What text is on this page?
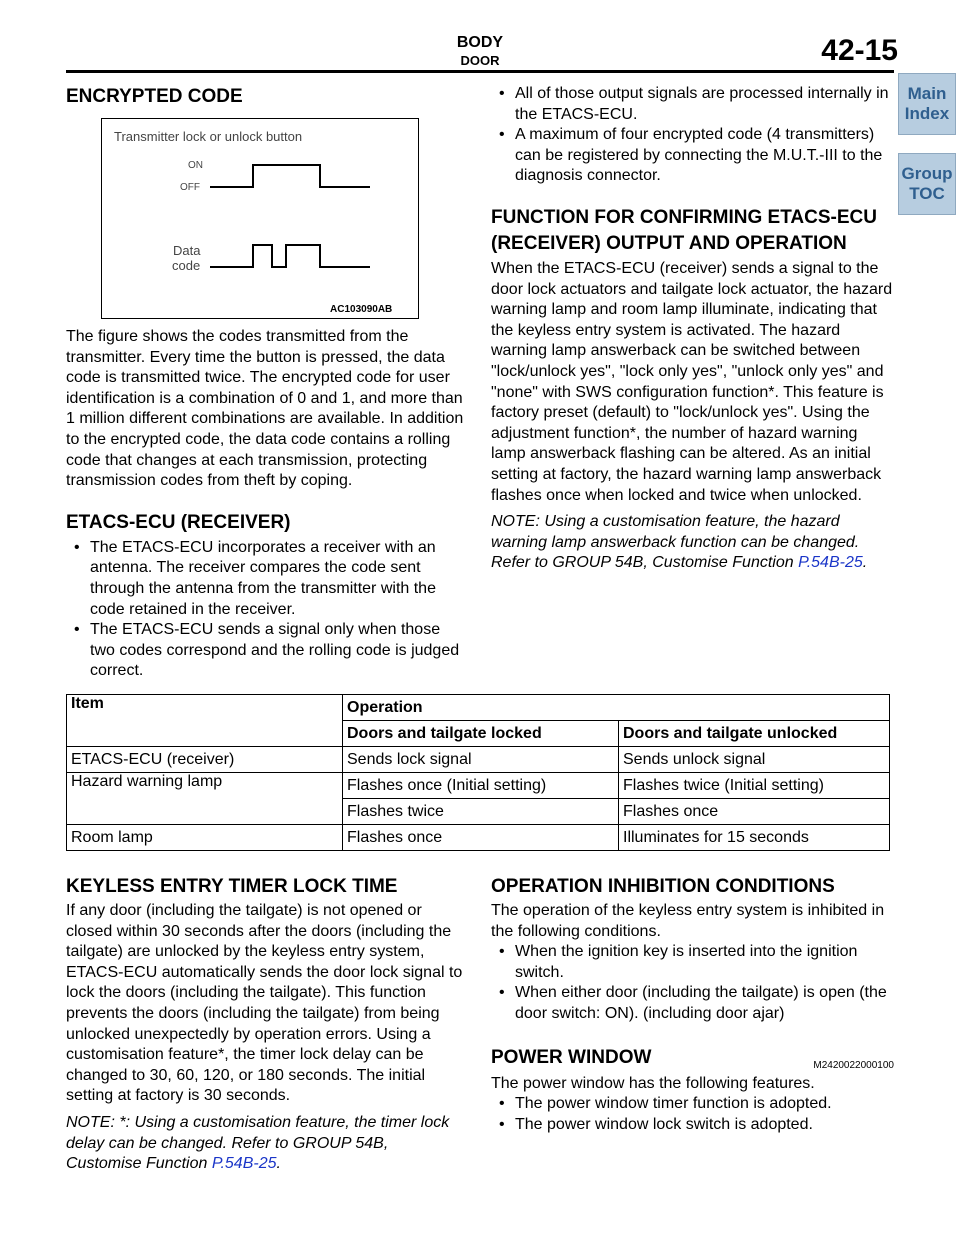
BODY
DOOR	42-15
Main
Index
Group
TOC
ENCRYPTED CODE
Transmitter lock or unlock button
ON
OFF
Data
code
AC103090AB

The figure shows the codes transmitted from the transmitter. Every time the button is pressed, the data code is transmitted twice. The encrypted code for user identification is a combination of 0 and 1, and more than 1 million different combinations are available. In addition to the encrypted code, the data code contains a rolling code that changes at each transmission, protecting transmission codes from theft by coping.

ETACS-ECU (RECEIVER)
• The ETACS-ECU incorporates a receiver with an antenna. The receiver compares the code sent through the antenna from the transmitter with the code retained in the receiver.
• The ETACS-ECU sends a signal only when those two codes correspond and the rolling code is judged correct.
• All of those output signals are processed internally in the ETACS-ECU.
• A maximum of four encrypted code (4 transmitters) can be registered by connecting the M.U.T.-III to the diagnosis connector.
FUNCTION FOR CONFIRMING ETACS-ECU (RECEIVER) OUTPUT AND OPERATION

When the ETACS-ECU (receiver) sends a signal to the door lock actuators and tailgate lock actuator, the hazard warning lamp and room lamp illuminate, indicating that the keyless entry system is activated. The hazard warning lamp answerback can be switched between "lock/unlock yes", "lock only yes", "unlock only yes" and "none" with SWS configuration function*. This feature is factory preset (default) to "lock/unlock yes". Using the adjustment function*, the number of hazard warning lamp answerback flashing can be altered. As an initial setting at factory, the hazard warning lamp answerback flashes once when locked and twice when unlocked.

NOTE: Using a customisation feature, the hazard warning lamp answerback function can be changed. Refer to GROUP 54B, Customise Function P.54B-25.

Item	Operation	
	Doors and tailgate locked	Doors and tailgate unlocked
ETACS-ECU (receiver)	Sends lock signal	Sends unlock signal
Hazard warning lamp	Flashes once (Initial setting)	Flashes twice (Initial setting)
	Flashes twice	Flashes once
Room lamp	Flashes once	Illuminates for 15 seconds
KEYLESS ENTRY TIMER LOCK TIME

If any door (including the tailgate) is not opened or closed within 30 seconds after the doors (including the tailgate) are unlocked by the keyless entry system, ETACS-ECU automatically sends the door lock signal to lock the doors (including the tailgate). This function prevents the doors (including the tailgate) from being unlocked unexpectedly by operation errors. Using a customisation feature*, the timer lock delay can be changed to 30, 60, 120, or 180 seconds. The initial setting at factory is 30 seconds.

NOTE: *: Using a customisation feature, the timer lock delay can be changed. Refer to GROUP 54B, Customise Function P.54B-25.

OPERATION INHIBITION CONDITIONS

The operation of the keyless entry system is inhibited in the following conditions.

• When the ignition key is inserted into the ignition switch.
• When either door (including the tailgate) is open (the door switch: ON). (including door ajar)
POWER WINDOW	M2420022000100

The power window has the following features.

• The power window timer function is adopted.
• The power window lock switch is adopted.
